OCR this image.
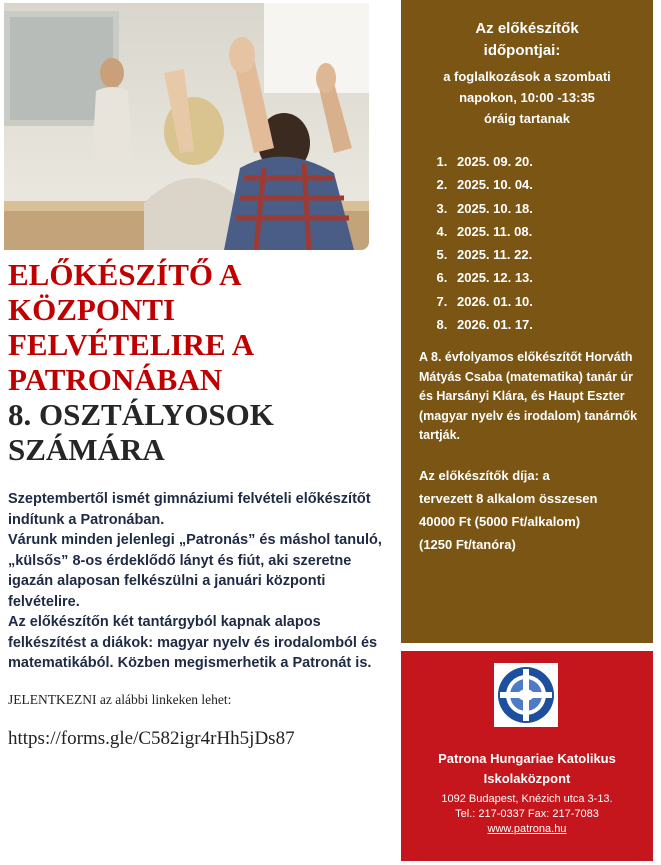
ELŐKÉSZÍTŐ A
KÖZPONTI
FELVÉTELIRE A
PATRONÁBAN
8. OSZTÁLYOSOK
SZÁMÁRA

Szeptembertől ismét gimnáziumi felvételi előkészítőt indítunk a Patronában.

Várunk minden jelenlegi „Patronás” és máshol tanuló, „külsős” 8-os érdeklődő lányt és fiút, aki szeretne igazán alaposan felkészülni a januári központi felvételire.

Az előkészítőn két tantárgyból kapnak alapos felkészítést a diákok: magyar nyelv és irodalomból és matematikából. Közben megismerhetik a Patronát is.

JELENTKEZNI az alábbi linkeken lehet:
https://forms.gle/C582igr4rHh5jDs87
Az előkészítők
időpontjai:
a foglalkozások a szombati
napokon, 10:00 -13:35
óráig tartanak
1. 2025. 09. 20.
2. 2025. 10. 04.
3. 2025. 10. 18.
4. 2025. 11. 08.
5. 2025. 11. 22.
6. 2025. 12. 13.
7. 2026. 01. 10.
8. 2026. 01. 17.
A 8. évfolyamos előkészítőt Horváth Mátyás Csaba (matematika) tanár úr és Harsányi Klára, és Haupt Eszter (magyar nyelv és irodalom) tanárnők tartják.
Az előkészítők díja: a
tervezett 8 alkalom összesen
40000 Ft (5000 Ft/alkalom)
(1250 Ft/tanóra)
Patrona Hungariae Katolikus
Iskolaközpont
1092 Budapest, Knézich utca 3-13.
Tel.: 217-0337 Fax: 217-7083
www.patrona.hu
